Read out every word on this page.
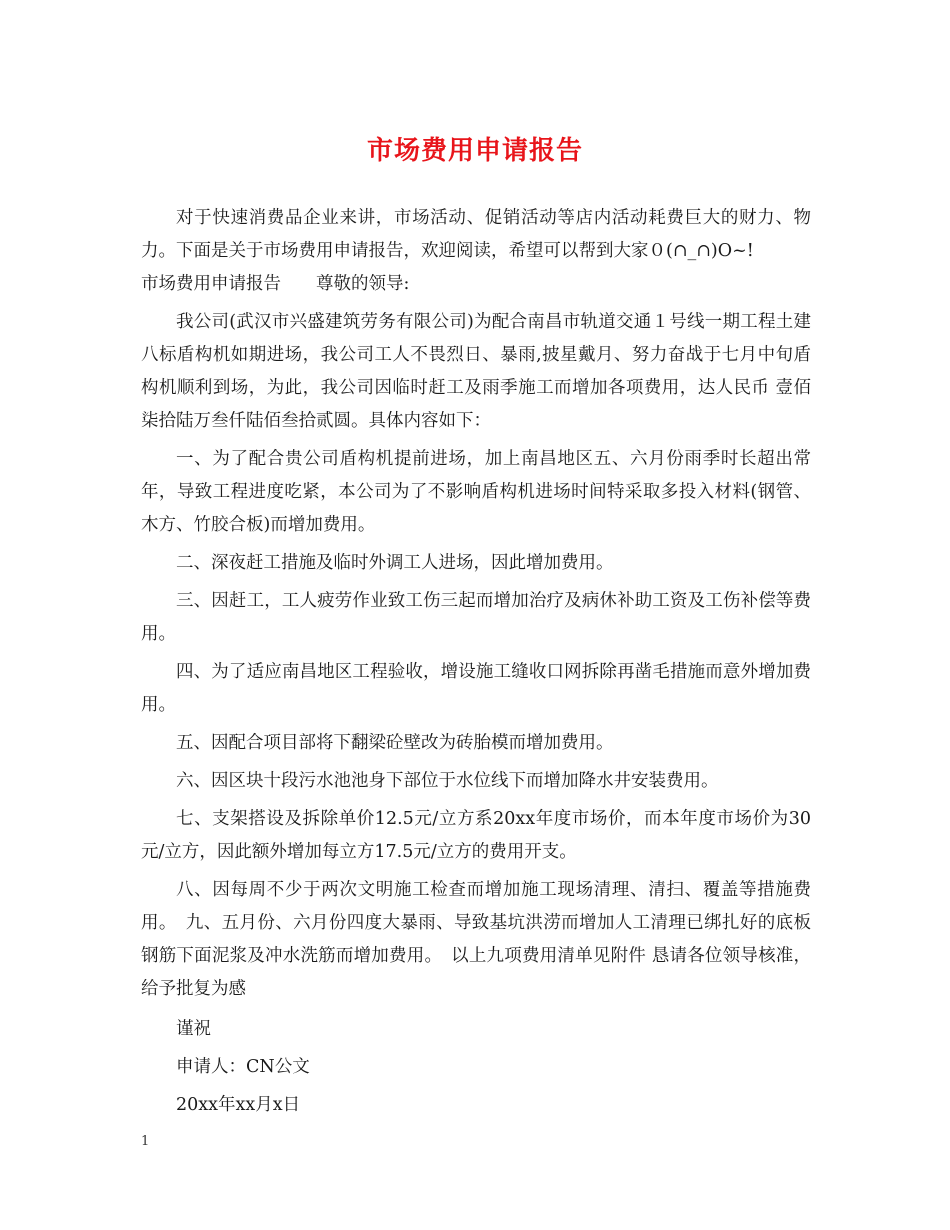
市场费用申请报告

对于快速消费品企业来讲，市场活动、促销活动等店内活动耗费巨大的财力、物力。下面是关于市场费用申请报告，欢迎阅读，希望可以帮到大家０(∩_∩)O~!

市场费用申请报告　　尊敬的领导:

我公司(武汉市兴盛建筑劳务有限公司)为配合南昌市轨道交通１号线一期工程土建八标盾构机如期进场，我公司工人不畏烈日、暴雨,披星戴月、努力奋战于七月中旬盾构机顺利到场，为此，我公司因临时赶工及雨季施工而增加各项费用，达人民币 壹佰柒拾陆万叁仟陆佰叁拾贰圆。具体内容如下：

一、为了配合贵公司盾构机提前进场，加上南昌地区五、六月份雨季时长超出常年，导致工程进度吃紧，本公司为了不影响盾构机进场时间特采取多投入材料(钢管、木方、竹胶合板)而增加费用。

二、深夜赶工措施及临时外调工人进场，因此增加费用。

三、因赶工，工人疲劳作业致工伤三起而增加治疗及病休补助工资及工伤补偿等费用。

四、为了适应南昌地区工程验收，增设施工缝收口网拆除再凿毛措施而意外增加费用。

五、因配合项目部将下翻梁砼壁改为砖胎模而增加费用。

六、因区块十段污水池池身下部位于水位线下而增加降水井安装费用。

七、支架搭设及拆除单价12.5元/立方系20xx年度市场价，而本年度市场价为30元/立方，因此额外增加每立方17.5元/立方的费用开支。

八、因每周不少于两次文明施工检查而增加施工现场清理、清扫、覆盖等措施费用。　九、五月份、六月份四度大暴雨、导致基坑洪涝而增加人工清理已绑扎好的底板钢筋下面泥浆及冲水洗筋而增加费用。　以上九项费用清单见附件 恳请各位领导核准，给予批复为感

谨祝
申请人：CN公文
20xx年xx月x日
1
